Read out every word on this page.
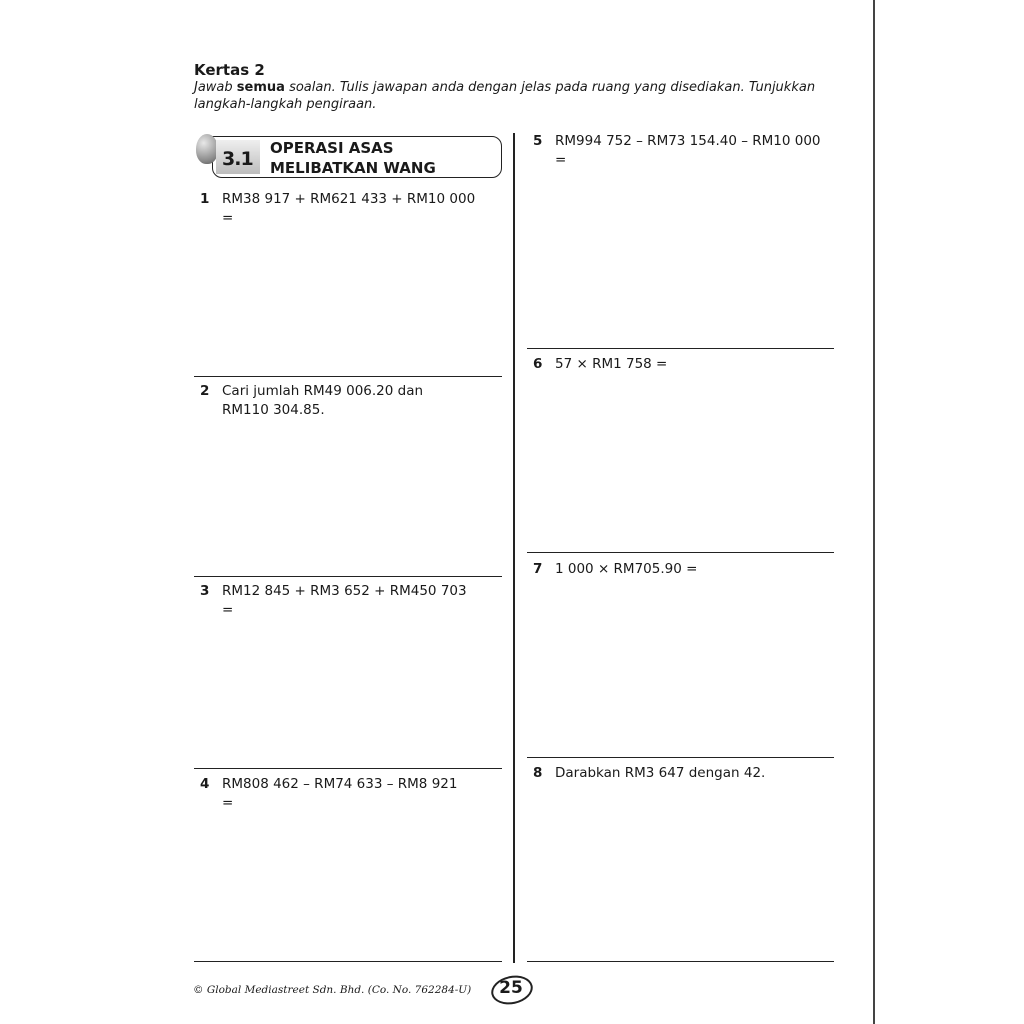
Kertas 2
Jawab semua soalan. Tulis jawapan anda dengan jelas pada ruang yang disediakan. Tunjukkan langkah-langkah pengiraan.
3.1 OPERASI ASAS MELIBATKAN WANG
1 RM38 917 + RM621 433 + RM10 000
=
2 Cari jumlah RM49 006.20 dan
RM110 304.85.
3 RM12 845 + RM3 652 + RM450 703
=
4 RM808 462 – RM74 633 – RM8 921
=
5 RM994 752 – RM73 154.40 – RM10 000
=
6 57 × RM1 758 =
7 1 000 × RM705.90 =
8 Darabkan RM3 647 dengan 42.
© Global Mediastreet Sdn. Bhd. (Co. No. 762284-U)	25
